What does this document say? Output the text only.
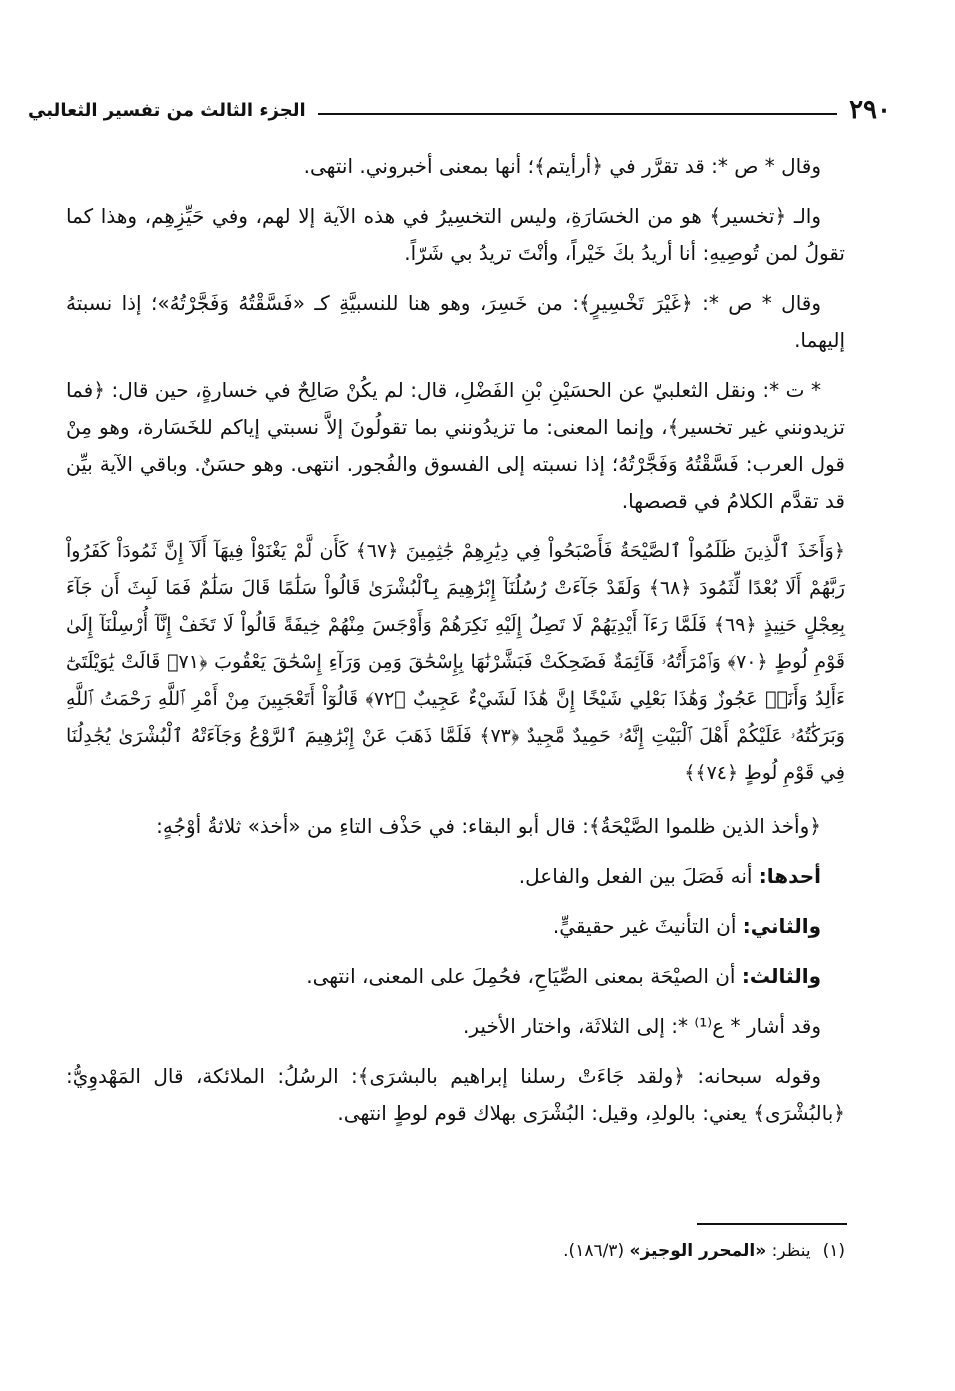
٢٩٠
الجزء الثالث من تفسير الثعالبي

وقال * ص *: قد تقرَّر في ﴿أرأيتم﴾؛ أنها بمعنى أخبروني. انتهى.

والـ ﴿تخسير﴾ هو من الخسَارَةِ، وليس التخسِيرُ في هذه الآية إلا لهم، وفي حَيِّزِهِم، وهذا كما تقولُ لمن تُوصِيهِ: أنا أريدُ بكَ خَيْراً، وأنْتَ تريدُ بي شَرّاً.

وقال * ص *: ﴿غَيْرَ تَخْسِيرٍ﴾: من خَسِرَ، وهو هنا للنسبيَّةِ كـ «فَسَّقْتُهُ وَفَجَّرْتُهُ»؛ إذا نسبتهُ إليهما.

* ت *: ونقل الثعلبيّ عن الحسَيْنِ بْنِ الفَضْلِ، قال: لم يكُنْ صَالِحٌ في خسارةٍ، حين قال: ﴿فما تزيدونني غير تخسير﴾، وإنما المعنى: ما تزيدُونني بما تقولُونَ إلاَّ نسبتي إياكم للخَسَارة، وهو مِنْ قول العرب: فَسَّقْتُهُ وَفَجَّرْتُهُ؛ إذا نسبته إلى الفسوق والفُجور. انتهى. وهو حسَنٌ. وباقي الآية بيِّن قد تقدَّم الكلامُ في قصصها.

﴿وَأَخَذَ ٱلَّذِينَ ظَلَمُواْ ٱلصَّيْحَةُ فَأَصْبَحُواْ فِي دِيَٰرِهِمْ جَٰثِمِينَ ﴿٦٧﴾ كَأَن لَّمْ يَغْنَوْاْ فِيهَآ أَلَآ إِنَّ ثَمُودَاْ كَفَرُواْ رَبَّهُمْ أَلَا بُعْدًا لِّثَمُودَ ﴿٦٨﴾ وَلَقَدْ جَآءَتْ رُسُلُنَآ إِبْرَٰهِيمَ بِٱلْبُشْرَىٰ قَالُواْ سَلَٰمًا قَالَ سَلَٰمٌ فَمَا لَبِثَ أَن جَآءَ بِعِجْلٍ حَنِيذٍ ﴿٦٩﴾ فَلَمَّا رَءَآ أَيْدِيَهُمْ لَا تَصِلُ إِلَيْهِ نَكِرَهُمْ وَأَوْجَسَ مِنْهُمْ خِيفَةً قَالُواْ لَا تَخَفْ إِنَّآ أُرْسِلْنَآ إِلَىٰ قَوْمِ لُوطٍ ﴿٧٠﴾ وَٱمْرَأَتُهُۥ قَآئِمَةٌ فَضَحِكَتْ فَبَشَّرْنَٰهَا بِإِسْحَٰقَ وَمِن وَرَآءِ إِسْحَٰقَ يَعْقُوبَ ﴿٧١﴾ قَالَتْ يَٰوَيْلَتَىٰٓ ءَأَلِدُ وَأَنَا۠ عَجُوزٌ وَهَٰذَا بَعْلِي شَيْخًا إِنَّ هَٰذَا لَشَيْءٌ عَجِيبٌ ﴿٧٢﴾ قَالُوٓاْ أَتَعْجَبِينَ مِنْ أَمْرِ ٱللَّهِ رَحْمَتُ ٱللَّهِ وَبَرَكَٰتُهُۥ عَلَيْكُمْ أَهْلَ ٱلْبَيْتِ إِنَّهُۥ حَمِيدٌ مَّجِيدٌ ﴿٧٣﴾ فَلَمَّا ذَهَبَ عَنْ إِبْرَٰهِيمَ ٱلرَّوْعُ وَجَآءَتْهُ ٱلْبُشْرَىٰ يُجَٰدِلُنَا فِي قَوْمِ لُوطٍ ﴿٧٤﴾﴾

﴿وأخذ الذين ظلموا الصَّيْحَةُ﴾: قال أبو البقاء: في حَذْف التاءِ من «أخذ» ثلاثةُ أوْجُهٍ:

أحدها: أنه فَصَلَ بين الفعل والفاعل.

والثاني: أن التأنيثَ غير حقيقيٍّ.

والثالث: أن الصيْحَة بمعنى الصِّيَاحِ، فحُمِلَ على المعنى، انتهى.

وقد أشار * ع⁽¹⁾ *: إلى الثلاثَة، واختار الأخير.

وقوله سبحانه: ﴿ولقد جَاءَتْ رسلنا إبراهيم بالبشرَى﴾: الرسُلُ: الملائكة، قال المَهْدوِيُّ: ﴿بالبُشْرَى﴾ يعني: بالولدِ، وقيل: البُشْرَى بهلاك قوم لوطٍ انتهى.

(١)ينظر: «المحرر الوجيز» (١٨٦/٣).
